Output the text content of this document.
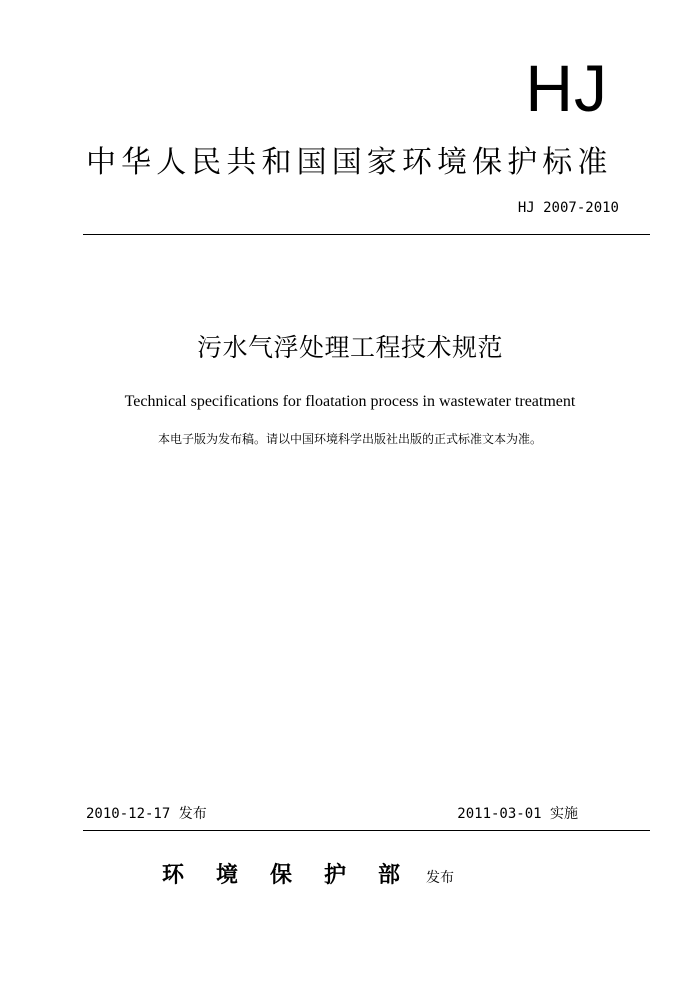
HJ
中华人民共和国国家环境保护标准
HJ 2007-2010
污水气浮处理工程技术规范
Technical specifications for floatation process in wastewater treatment
本电子版为发布稿。请以中国环境科学出版社出版的正式标准文本为准。
2010-12-17 发布	2011-03-01 实施
环境保护部
发布
